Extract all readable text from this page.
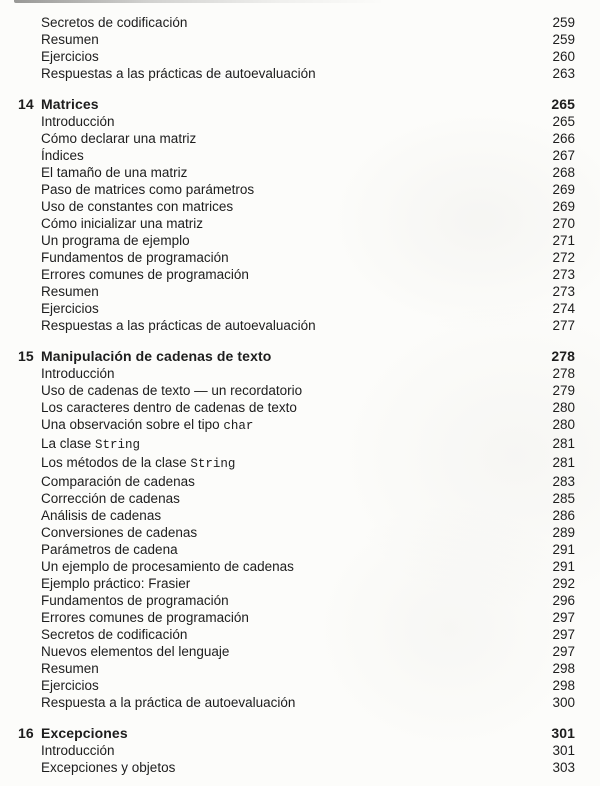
Secretos de codificación	259
Resumen	259
Ejercicios	260
Respuestas a las prácticas de autoevaluación	263
14 Matrices	265
Introducción	265
Cómo declarar una matriz	266
Índices	267
El tamaño de una matriz	268
Paso de matrices como parámetros	269
Uso de constantes con matrices	269
Cómo inicializar una matriz	270
Un programa de ejemplo	271
Fundamentos de programación	272
Errores comunes de programación	273
Resumen	273
Ejercicios	274
Respuestas a las prácticas de autoevaluación	277
15 Manipulación de cadenas de texto	278
Introducción	278
Uso de cadenas de texto — un recordatorio	279
Los caracteres dentro de cadenas de texto	280
Una observación sobre el tipo char	280
La clase String	281
Los métodos de la clase String	281
Comparación de cadenas	283
Corrección de cadenas	285
Análisis de cadenas	286
Conversiones de cadenas	289
Parámetros de cadena	291
Un ejemplo de procesamiento de cadenas	291
Ejemplo práctico: Frasier	292
Fundamentos de programación	296
Errores comunes de programación	297
Secretos de codificación	297
Nuevos elementos del lenguaje	297
Resumen	298
Ejercicios	298
Respuesta a la práctica de autoevaluación	300
16 Excepciones	301
Introducción	301
Excepciones y objetos	303
